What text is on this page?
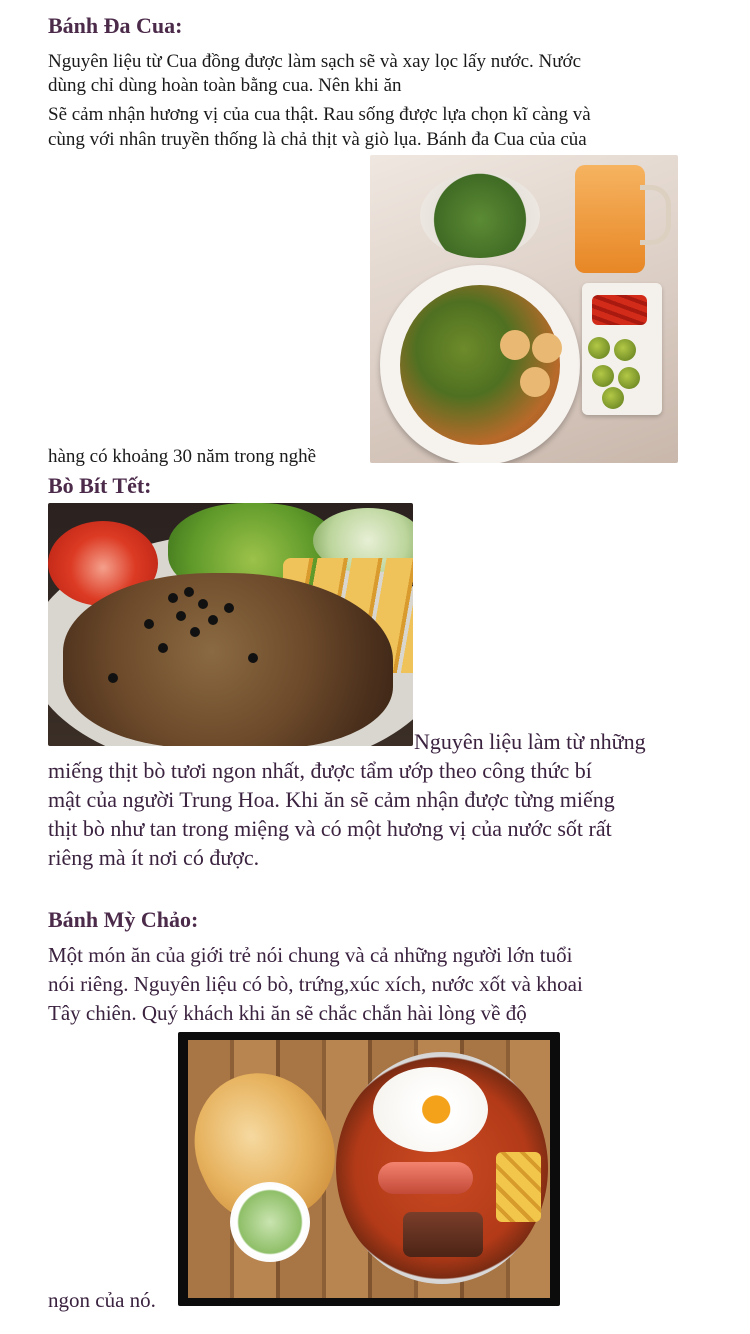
Bánh Đa Cua:
Nguyên liệu từ Cua đồng được làm sạch sẽ và xay lọc lấy nước. Nước
dùng chỉ dùng hoàn toàn bằng cua. Nên khi ăn
Sẽ cảm nhận hương vị của cua thật. Rau sống được lựa chọn kĩ càng và
cùng với nhân truyền thống là chả thịt và giò lụa. Bánh đa Cua của của
hàng có khoảng 30 năm trong nghề
Bò Bít Tết:
Nguyên liệu làm từ những
miếng thịt bò tươi ngon nhất, được tẩm ướp theo công thức bí
mật của người Trung Hoa. Khi ăn sẽ cảm nhận được từng miếng
thịt bò như tan trong miệng và có một hương vị của nước sốt rất
riêng mà ít nơi có được.
Bánh Mỳ Chảo:
Một món ăn của giới trẻ nói chung và cả những người lớn tuổi
nói riêng. Nguyên liệu có bò, trứng,xúc xích, nước xốt và khoai
Tây chiên. Quý khách khi ăn sẽ chắc chắn hài lòng về độ
ngon của nó.
